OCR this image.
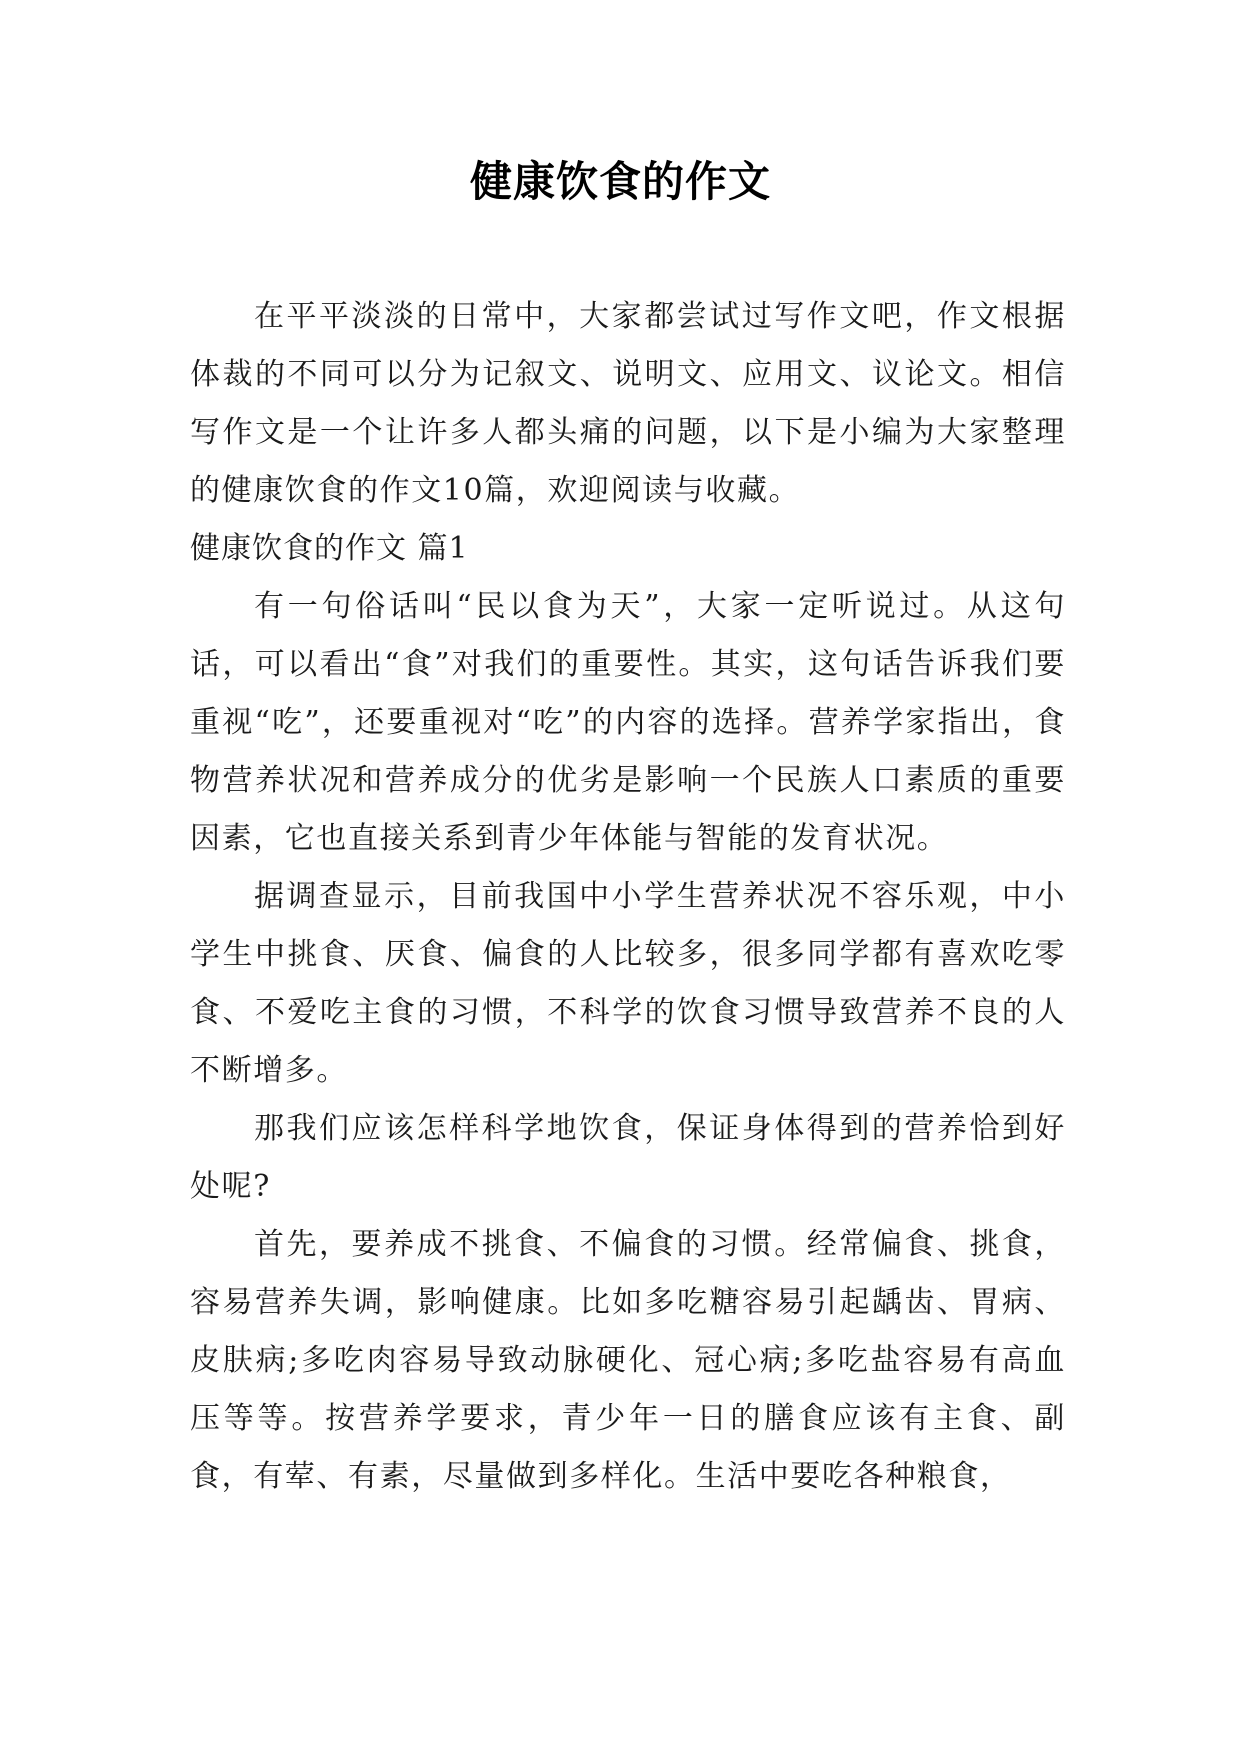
健康饮食的作文

在平平淡淡的日常中，大家都尝试过写作文吧，作文根据体裁的不同可以分为记叙文、说明文、应用文、议论文。相信写作文是一个让许多人都头痛的问题，以下是小编为大家整理的健康饮食的作文10篇，欢迎阅读与收藏。

健康饮食的作文 篇1

有一句俗话叫“民以食为天”，大家一定听说过。从这句话，可以看出“食”对我们的重要性。其实，这句话告诉我们要重视“吃”，还要重视对“吃”的内容的选择。营养学家指出，食物营养状况和营养成分的优劣是影响一个民族人口素质的重要因素，它也直接关系到青少年体能与智能的发育状况。

据调查显示，目前我国中小学生营养状况不容乐观，中小学生中挑食、厌食、偏食的人比较多，很多同学都有喜欢吃零食、不爱吃主食的习惯，不科学的饮食习惯导致营养不良的人不断增多。

那我们应该怎样科学地饮食，保证身体得到的营养恰到好处呢?

首先，要养成不挑食、不偏食的习惯。经常偏食、挑食，容易营养失调，影响健康。比如多吃糖容易引起龋齿、胃病、皮肤病;多吃肉容易导致动脉硬化、冠心病;多吃盐容易有高血压等等。按营养学要求，青少年一日的膳食应该有主食、副食，有荤、有素，尽量做到多样化。生活中要吃各种粮食，
